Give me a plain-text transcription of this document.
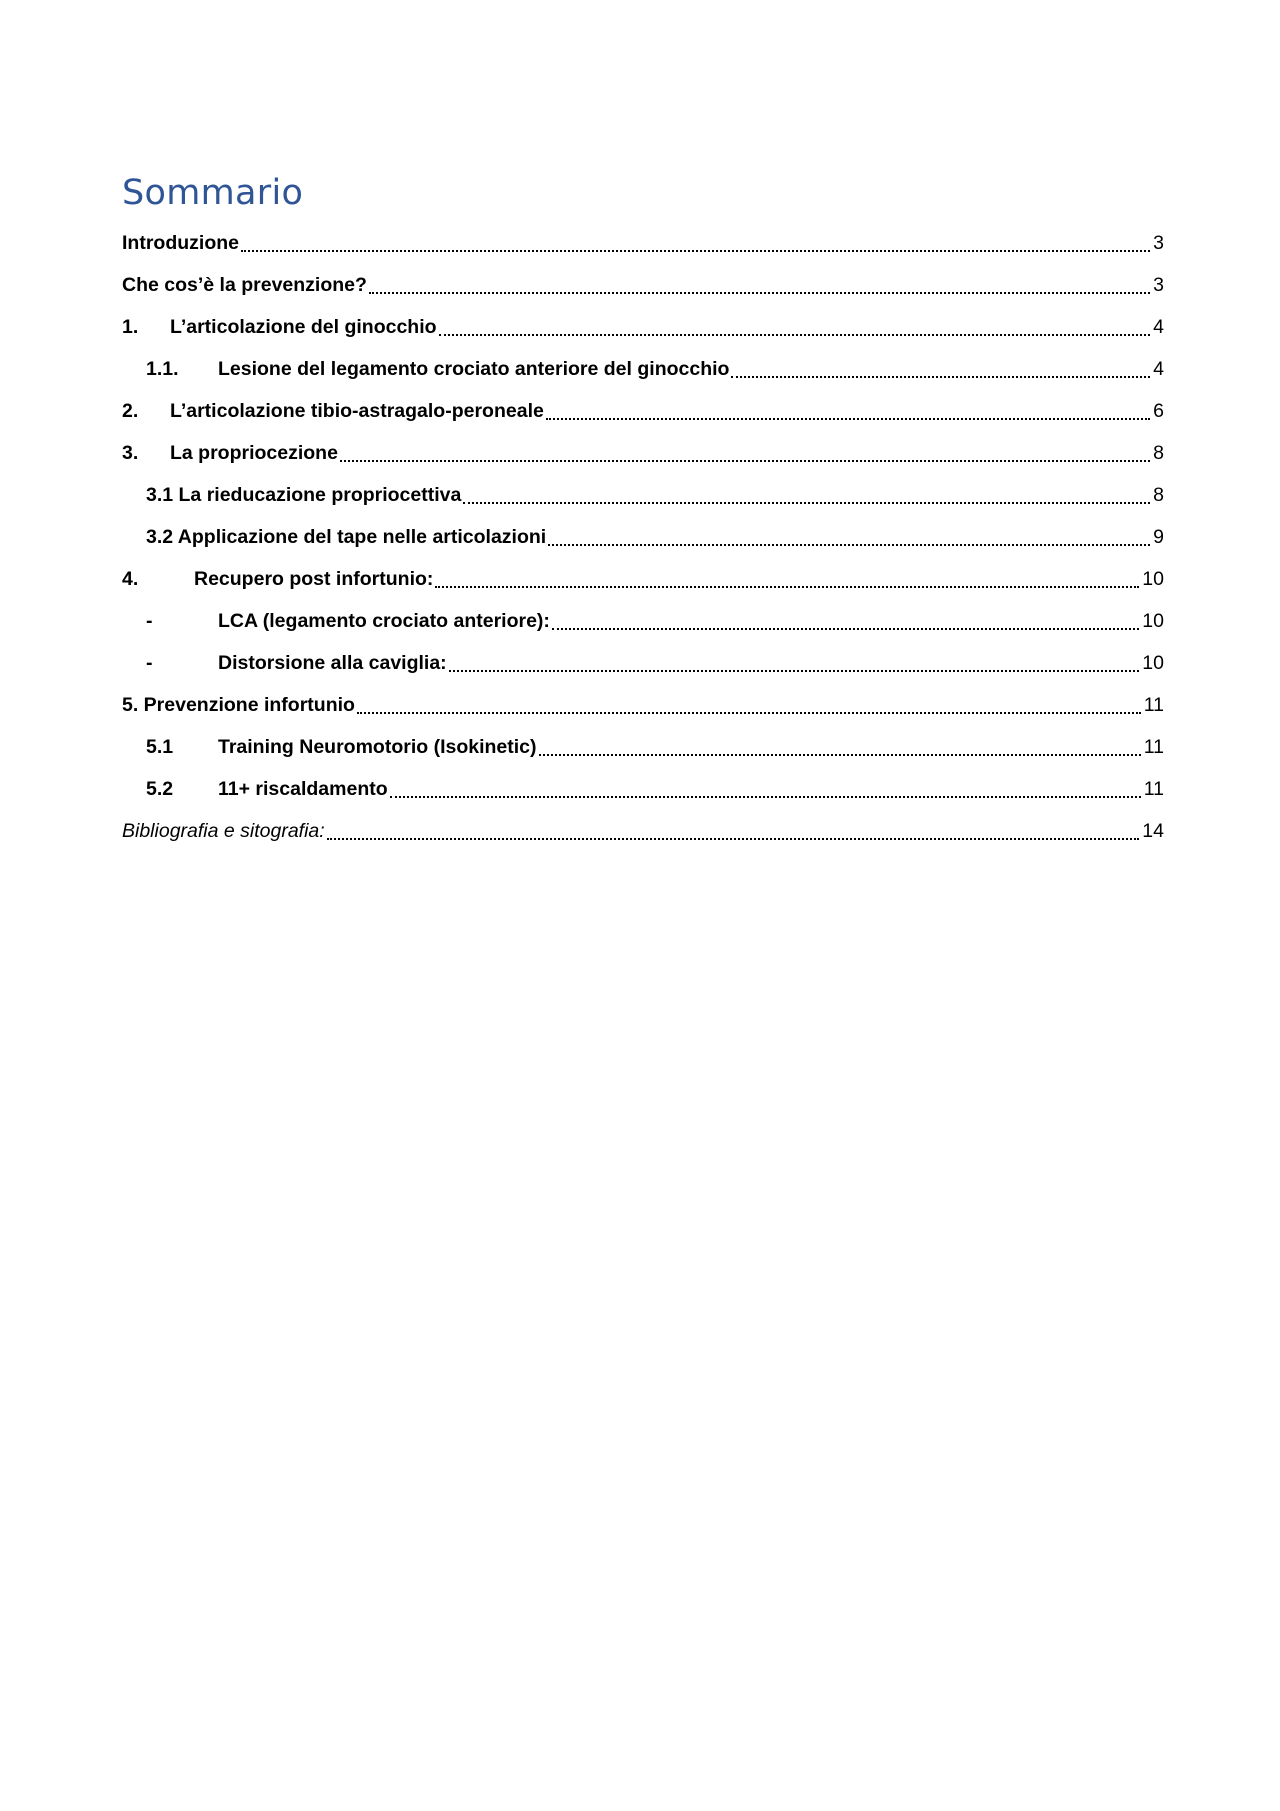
Sommario
Introduzione	3
Che cos’è la prevenzione?	3
1.	L’articolazione del ginocchio	4
1.1.	Lesione del legamento crociato anteriore del ginocchio	4
2.	L’articolazione tibio-astragalo-peroneale	6
3.	La propriocezione	8
3.1 La rieducazione propriocettiva	8
3.2 Applicazione del tape nelle articolazioni	9
4.	Recupero post infortunio:	10
-	LCA (legamento crociato anteriore):	10
-	Distorsione alla caviglia:	10
5. Prevenzione infortunio	11
5.1	Training Neuromotorio (Isokinetic)	11
5.2	11+ riscaldamento	11
Bibliografia e sitografia:	14
